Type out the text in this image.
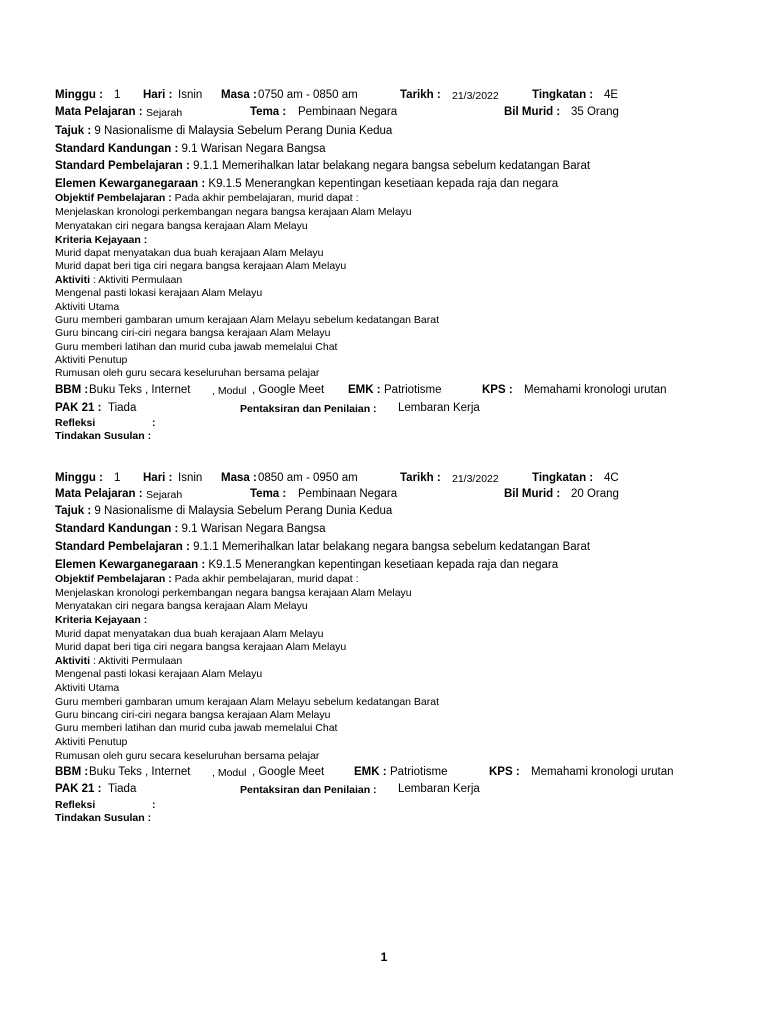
Minggu : 1 Hari : Isnin Masa : 0750 am - 0850 am	Tarikh : 21/3/2022	Tingkatan : 4E
Mata Pelajaran : Sejarah	Tema : Pembinaan Negara	Bil Murid : 35 Orang
Tajuk : 9 Nasionalisme di Malaysia Sebelum Perang Dunia Kedua
Standard Kandungan : 9.1 Warisan Negara Bangsa
Standard Pembelajaran : 9.1.1 Memerihalkan latar belakang negara bangsa sebelum kedatangan Barat
Elemen Kewarganegaraan : K9.1.5 Menerangkan kepentingan kesetiaan kepada raja dan negara
Objektif Pembelajaran : Pada akhir pembelajaran, murid dapat :
Menjelaskan kronologi perkembangan negara bangsa kerajaan Alam Melayu
Menyatakan ciri negara bangsa kerajaan Alam Melayu
Kriteria Kejayaan :
Murid dapat menyatakan dua buah kerajaan Alam Melayu
Murid dapat beri tiga ciri negara bangsa kerajaan Alam Melayu
Aktiviti : Aktiviti Permulaan
Mengenal pasti lokasi kerajaan Alam Melayu
Aktiviti Utama
Guru memberi gambaran umum kerajaan Alam Melayu sebelum kedatangan Barat
Guru bincang ciri-ciri negara bangsa kerajaan Alam Melayu
Guru memberi latihan dan murid cuba jawab memelalui Chat
Aktiviti Penutup
Rumusan oleh guru secara keseluruhan bersama pelajar
BBM : Buku Teks , Internet , Modul , Google Meet EMK : Patriotisme	KPS : Memahami kronologi urutan
PAK 21 : Tiada	Pentaksiran dan Penilaian : Lembaran Kerja
Refleksi	:
Tindakan Susulan :
Minggu : 1 Hari : Isnin Masa : 0850 am - 0950 am	Tarikh : 21/3/2022	Tingkatan : 4C
Mata Pelajaran : Sejarah	Tema : Pembinaan Negara	Bil Murid : 20 Orang
Tajuk : 9 Nasionalisme di Malaysia Sebelum Perang Dunia Kedua
Standard Kandungan : 9.1 Warisan Negara Bangsa
Standard Pembelajaran : 9.1.1 Memerihalkan latar belakang negara bangsa sebelum kedatangan Barat
Elemen Kewarganegaraan : K9.1.5 Menerangkan kepentingan kesetiaan kepada raja dan negara
Objektif Pembelajaran : Pada akhir pembelajaran, murid dapat :
Menjelaskan kronologi perkembangan negara bangsa kerajaan Alam Melayu
Menyatakan ciri negara bangsa kerajaan Alam Melayu
Kriteria Kejayaan :
Murid dapat menyatakan dua buah kerajaan Alam Melayu
Murid dapat beri tiga ciri negara bangsa kerajaan Alam Melayu
Aktiviti : Aktiviti Permulaan
Mengenal pasti lokasi kerajaan Alam Melayu
Aktiviti Utama
Guru memberi gambaran umum kerajaan Alam Melayu sebelum kedatangan Barat
Guru bincang ciri-ciri negara bangsa kerajaan Alam Melayu
Guru memberi latihan dan murid cuba jawab memelalui Chat
Aktiviti Penutup
Rumusan oleh guru secara keseluruhan bersama pelajar
BBM : Buku Teks , Internet , Modul , Google Meet	EMK : Patriotisme	KPS : Memahami kronologi urutan
PAK 21 : Tiada	Pentaksiran dan Penilaian : Lembaran Kerja
Refleksi	:
Tindakan Susulan :
1
